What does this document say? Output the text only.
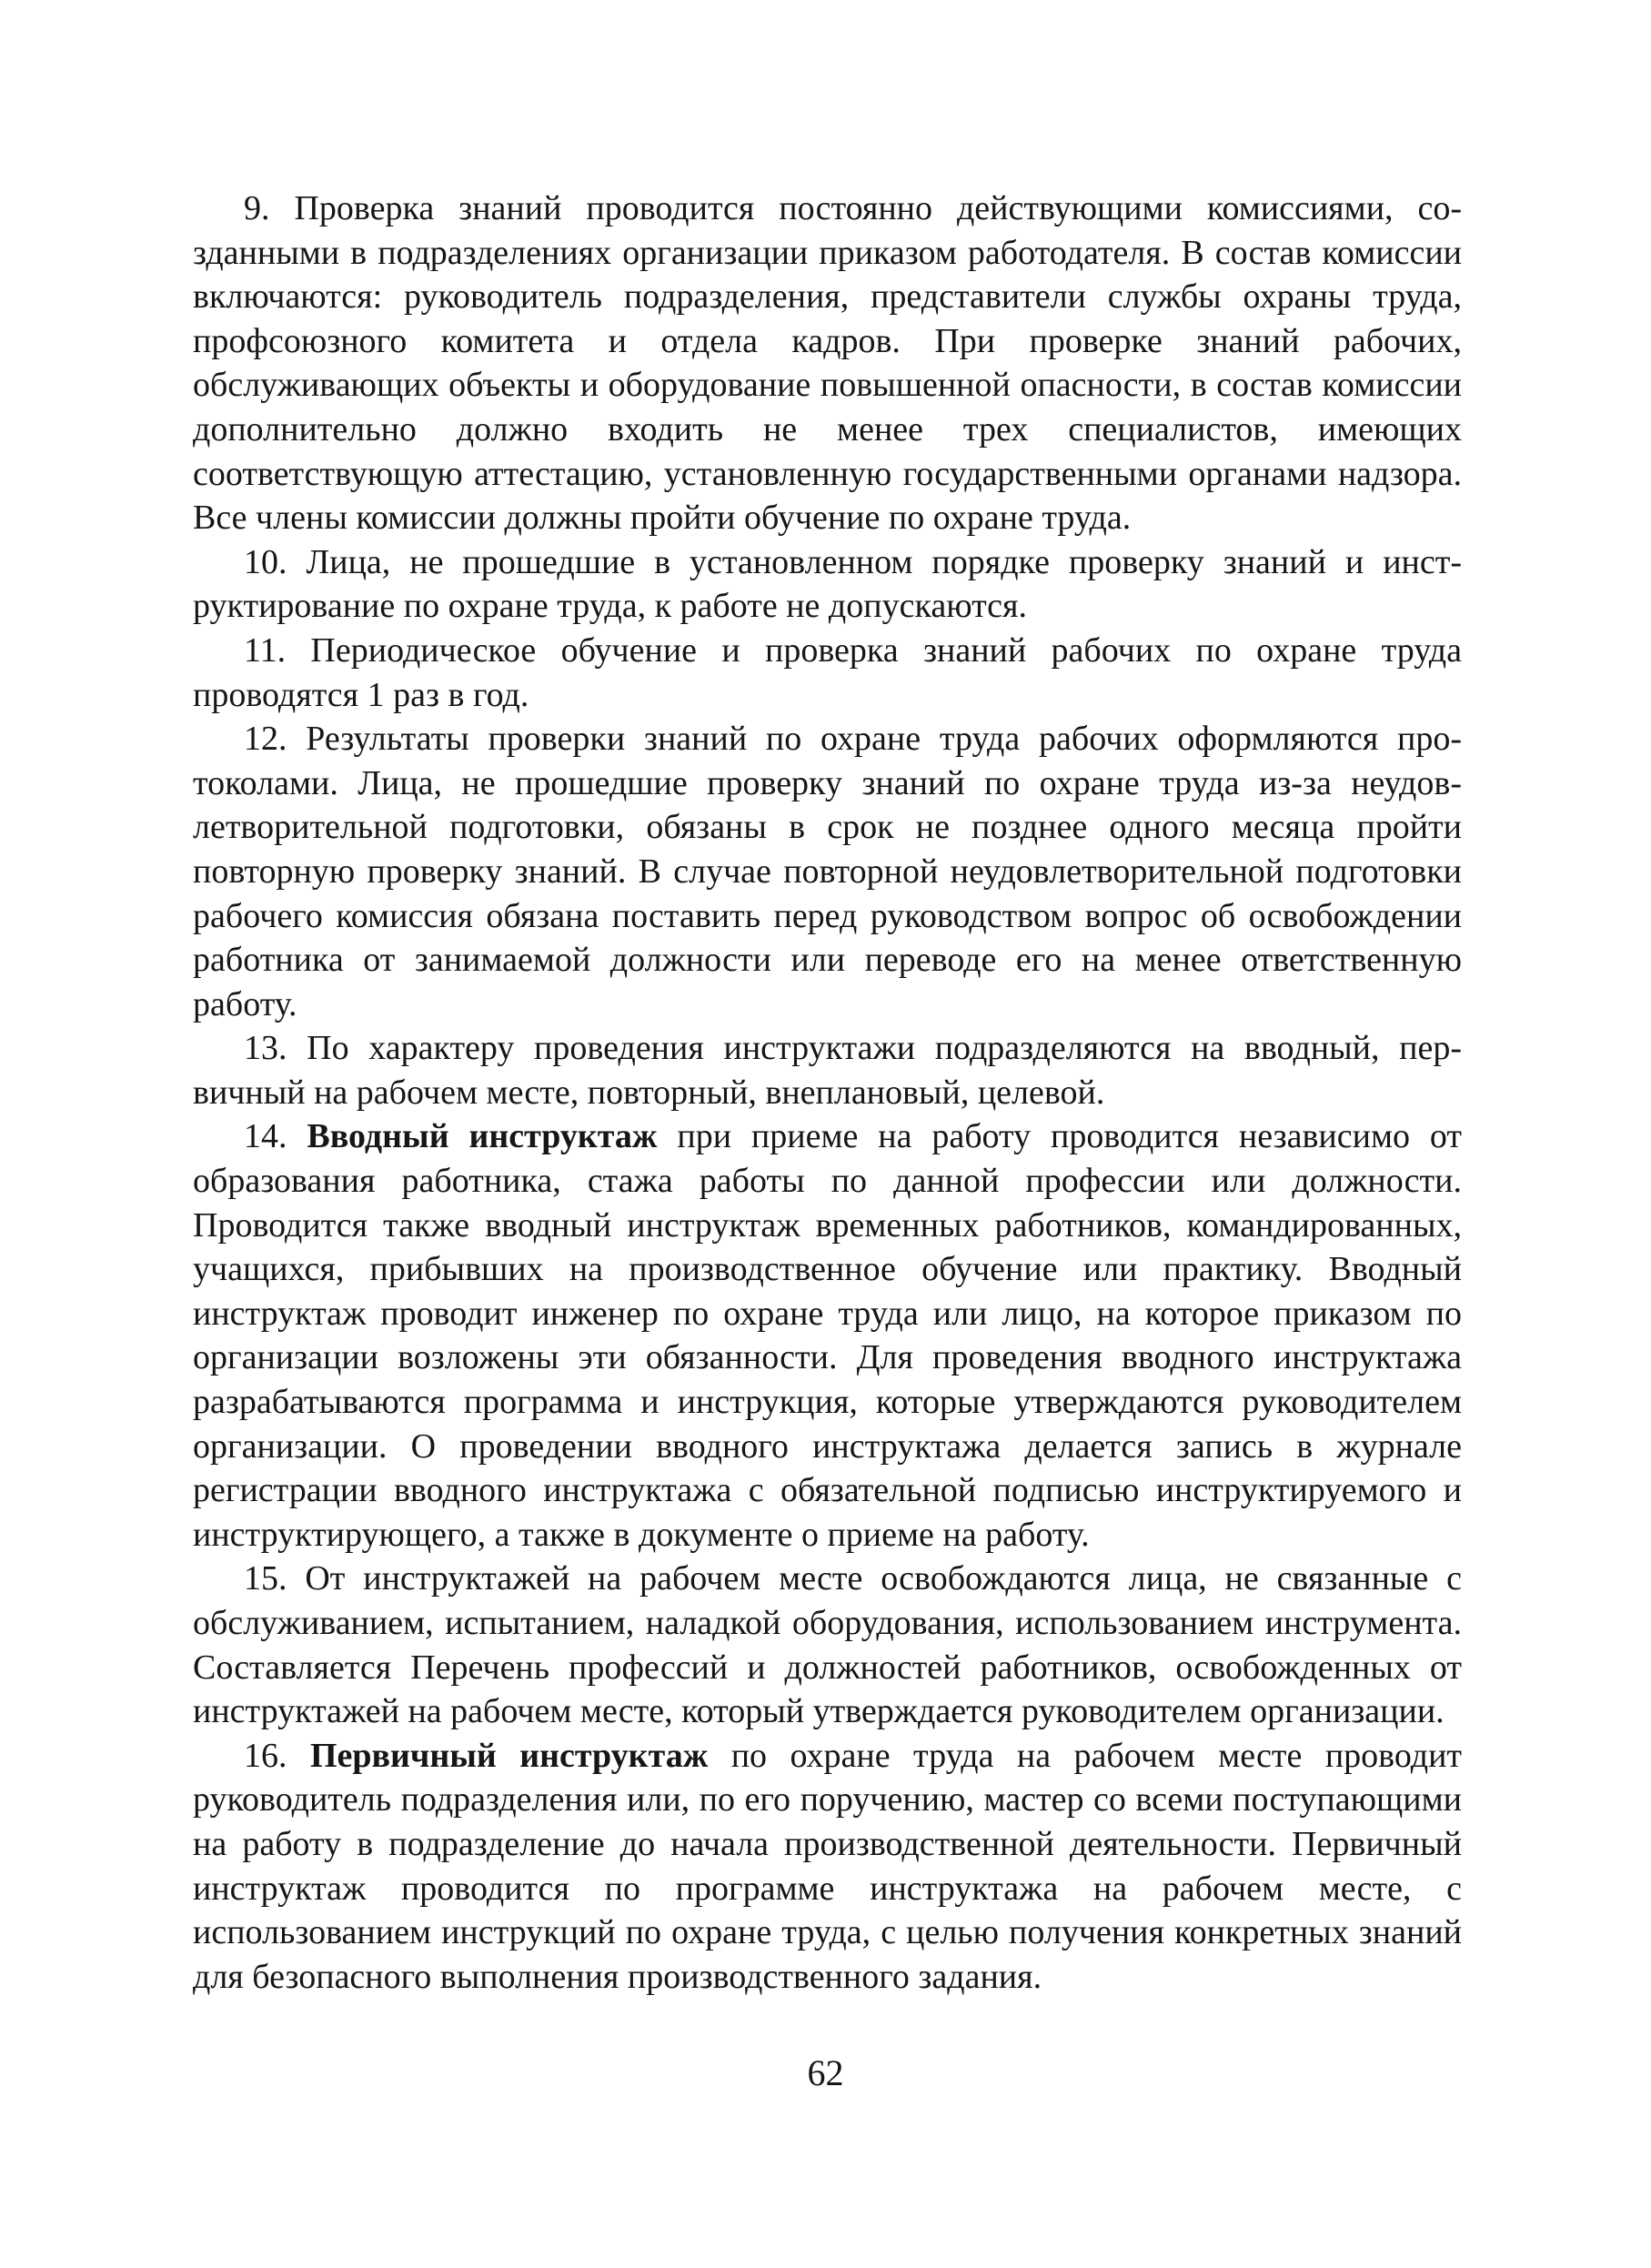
9. Проверка знаний проводится постоянно действующими комиссиями, созданными в подразделениях организации приказом работодателя. В состав комиссии включаются: руководитель подразделения, представители службы охраны труда, профсоюзного комитета и отдела кадров. При проверке знаний рабочих, обслуживающих объекты и оборудование повышенной опасности, в состав комиссии дополнительно должно входить не менее трех специалистов, имеющих соответствующую аттестацию, установленную государственными органами надзора. Все члены комиссии должны пройти обучение по охране труда.

10. Лица, не прошедшие в установленном порядке проверку знаний и инструктирование по охране труда, к работе не допускаются.

11. Периодическое обучение и проверка знаний рабочих по охране труда проводятся 1 раз в год.

12. Результаты проверки знаний по охране труда рабочих оформляются протоколами. Лица, не прошедшие проверку знаний по охране труда из-за неудовлетворительной подготовки, обязаны в срок не позднее одного месяца пройти повторную проверку знаний. В случае повторной неудовлетворительной подготовки рабочего комиссия обязана поставить перед руководством вопрос об освобождении работника от занимаемой должности или переводе его на менее ответственную работу.

13. По характеру проведения инструктажи подразделяются на вводный, первичный на рабочем месте, повторный, внеплановый, целевой.

14. Вводный инструктаж при приеме на работу проводится независимо от образования работника, стажа работы по данной профессии или должности. Проводится также вводный инструктаж временных работников, командированных, учащихся, прибывших на производственное обучение или практику. Вводный инструктаж проводит инженер по охране труда или лицо, на которое приказом по организации возложены эти обязанности. Для проведения вводного инструктажа разрабатываются программа и инструкция, которые утверждаются руководителем организации. О проведении вводного инструктажа делается запись в журнале регистрации вводного инструктажа с обязательной подписью инструктируемого и инструктирующего, а также в документе о приеме на работу.

15. От инструктажей на рабочем месте освобождаются лица, не связанные с обслуживанием, испытанием, наладкой оборудования, использованием инструмента. Составляется Перечень профессий и должностей работников, освобожденных от инструктажей на рабочем месте, который утверждается руководителем организации.

16. Первичный инструктаж по охране труда на рабочем месте проводит руководитель подразделения или, по его поручению, мастер со всеми поступающими на работу в подразделение до начала производственной деятельности. Первичный инструктаж проводится по программе инструктажа на рабочем месте, с использованием инструкций по охране труда, с целью получения конкретных знаний для безопасного выполнения производственного задания.

62
